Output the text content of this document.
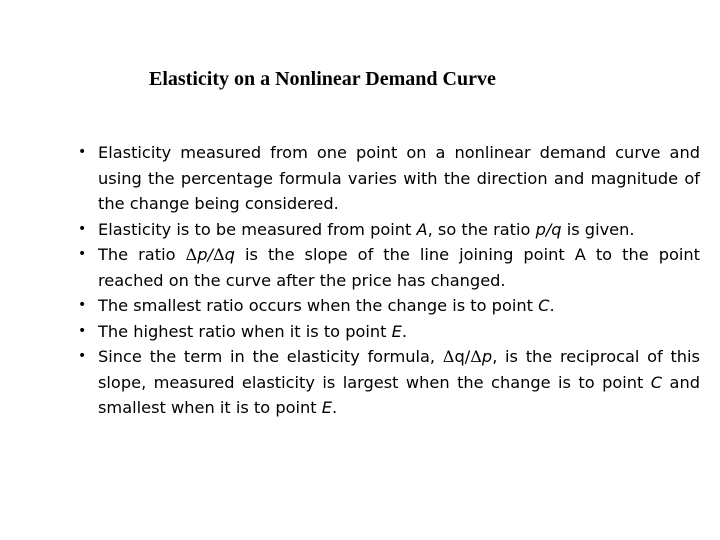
Elasticity on a Nonlinear Demand Curve
• Elasticity measured from one point on a nonlinear demand curve and using the percentage formula varies with the direction and magnitude of the change being considered.
• Elasticity is to be measured from point A, so the ratio p/q is given.
• The ratio Δp/Δq is the slope of the line joining point A to the point reached on the curve after the price has changed.
• The smallest ratio occurs when the change is to point C.
• The highest ratio when it is to point E.
• Since the term in the elasticity formula, Δq/Δp, is the reciprocal of this slope, measured elasticity is largest when the change is to point C and smallest when it is to point E.
